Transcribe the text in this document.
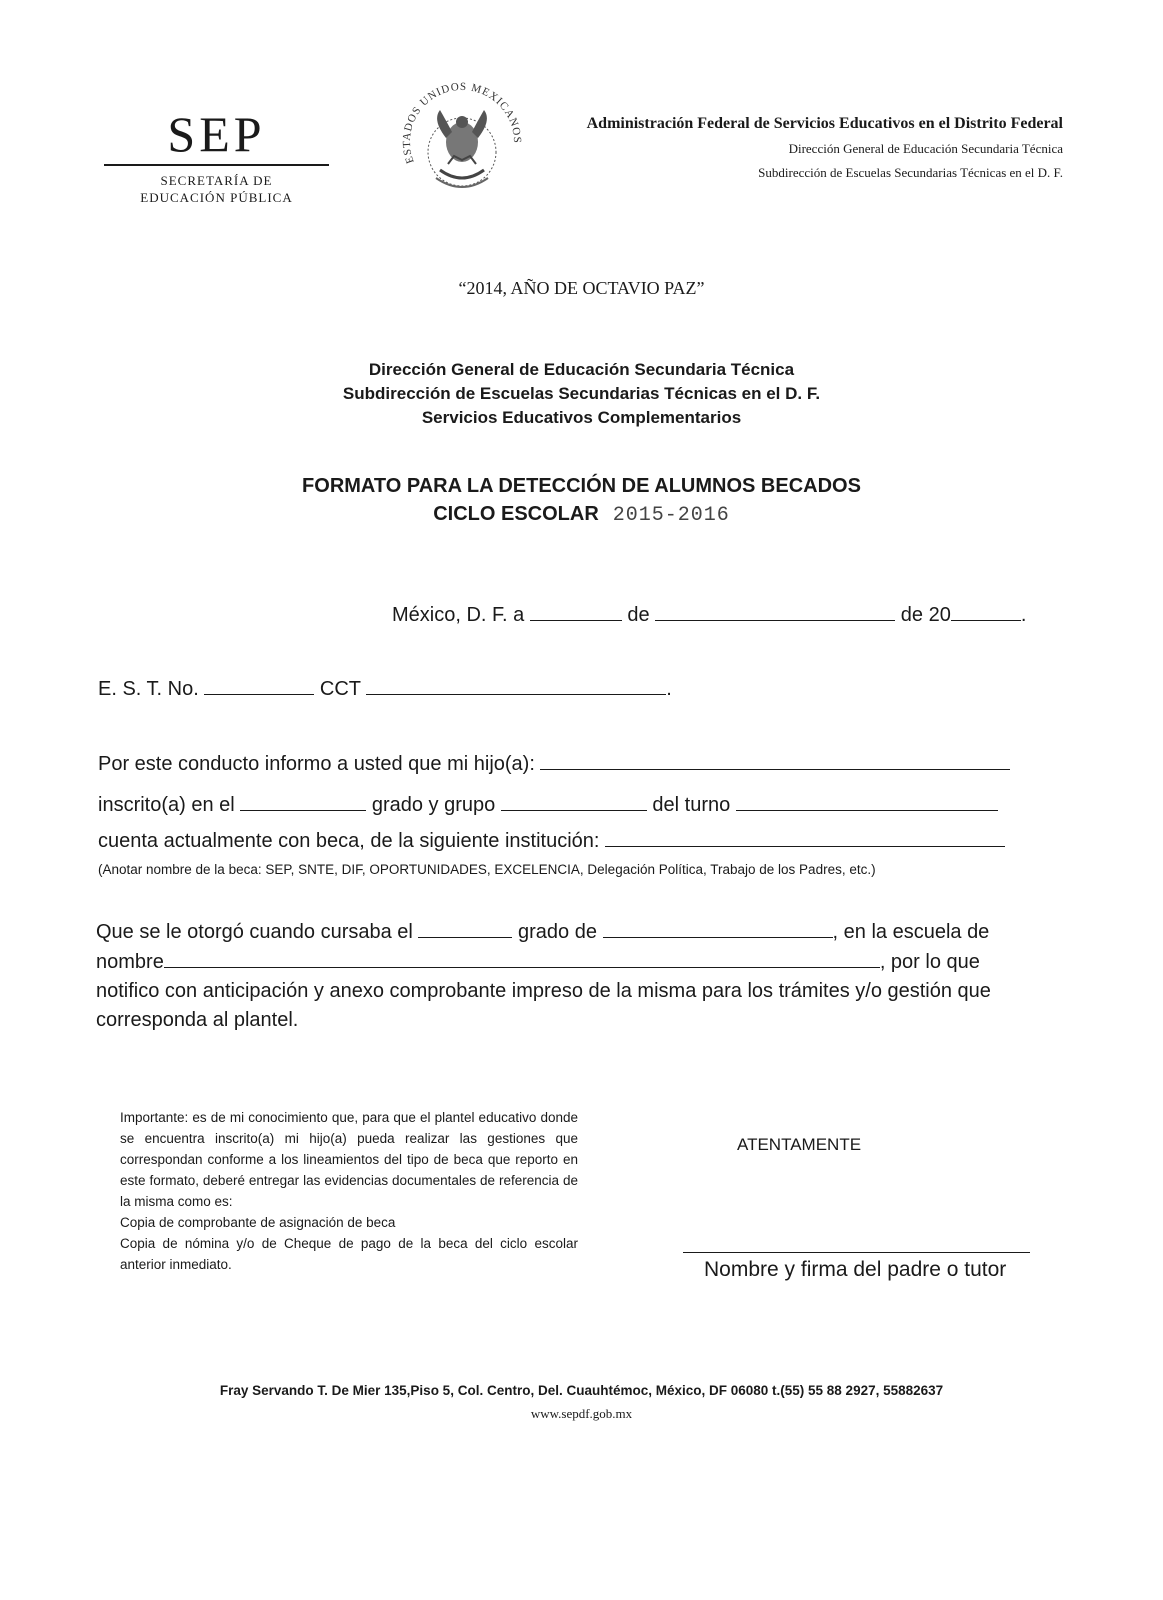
SEP
SECRETARÍA DE
EDUCACIÓN PÚBLICA
ESTADOS UNIDOS MEXICANOS
Administración Federal de Servicios Educativos en el Distrito Federal
Dirección General de Educación Secundaria Técnica
Subdirección de Escuelas Secundarias Técnicas en el D. F.
“2014, AÑO DE OCTAVIO PAZ”
Dirección General de Educación Secundaria Técnica
Subdirección de Escuelas Secundarias Técnicas en el D. F.
Servicios Educativos Complementarios
FORMATO PARA LA DETECCIÓN DE ALUMNOS BECADOS
CICLO ESCOLAR 2015-2016
México, D. F. a	de	de 20	.
E. S. T. No.	CCT	.
Por este conducto informo a usted que mi hijo(a):
inscrito(a) en el	grado y grupo	del turno
cuenta actualmente con beca, de la siguiente institución:
(Anotar nombre de la beca: SEP, SNTE, DIF, OPORTUNIDADES, EXCELENCIA, Delegación Política, Trabajo de los Padres, etc.)
Que se le otorgó cuando cursaba el	grado de	, en la escuela de
nombre	, por lo que
notifico con anticipación y anexo comprobante impreso de la misma para los trámites y/o gestión que corresponda al plantel.

Importante: es de mi conocimiento que, para que el plantel educativo donde se encuentra inscrito(a) mi hijo(a) pueda realizar las gestiones que correspondan conforme a los lineamientos del tipo de beca que reporto en este formato, deberé entregar las evidencias documentales de referencia de la misma como es:

Copia de comprobante de asignación de beca

Copia de nómina y/o de Cheque de pago de la beca del ciclo escolar anterior inmediato.

ATENTAMENTE
Nombre y firma del padre o tutor
Fray Servando T. De Mier 135,Piso 5, Col. Centro, Del. Cuauhtémoc, México, DF 06080 t.(55) 55 88 2927, 55882637
www.sepdf.gob.mx
